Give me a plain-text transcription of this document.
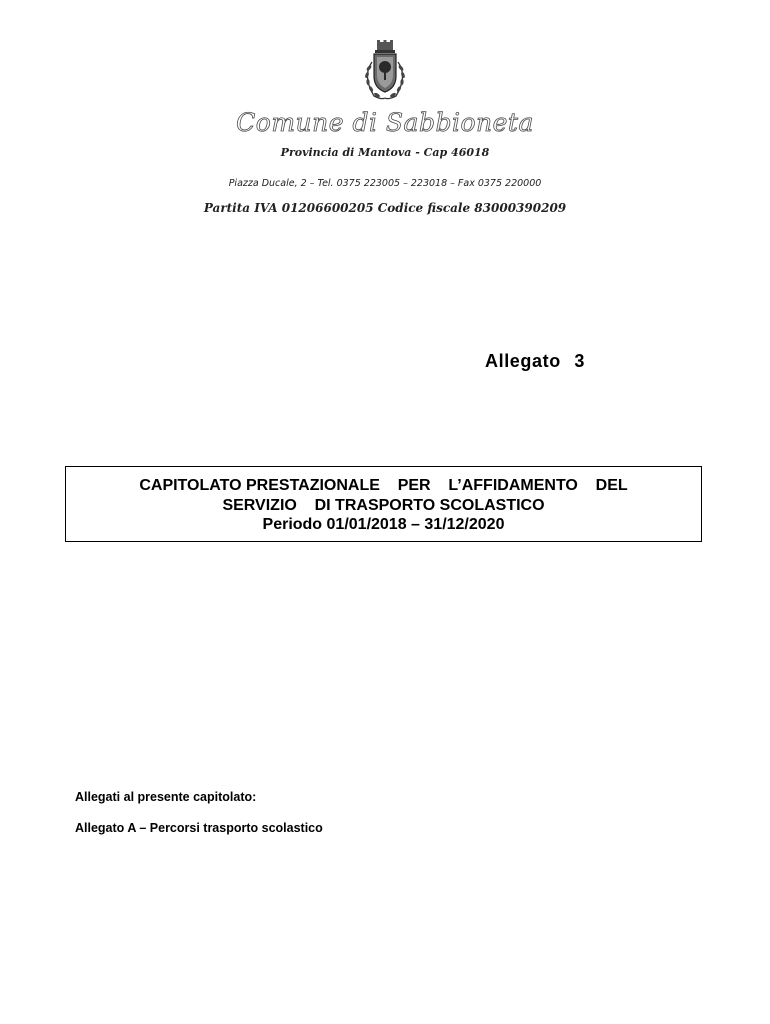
Comune di Sabbioneta
Provincia di Mantova - Cap 46018
Piazza Ducale, 2 – Tel. 0375 223005 – 223018 – Fax 0375 220000
Partita IVA 01206600205 Codice fiscale 83000390209
Allegato 3
CAPITOLATO PRESTAZIONALE    PER    L’AFFIDAMENTO    DEL
SERVIZIO    DI TRASPORTO SCOLASTICO
Periodo 01/01/2018 – 31/12/2020
Allegati al presente capitolato:
Allegato A – Percorsi trasporto scolastico
